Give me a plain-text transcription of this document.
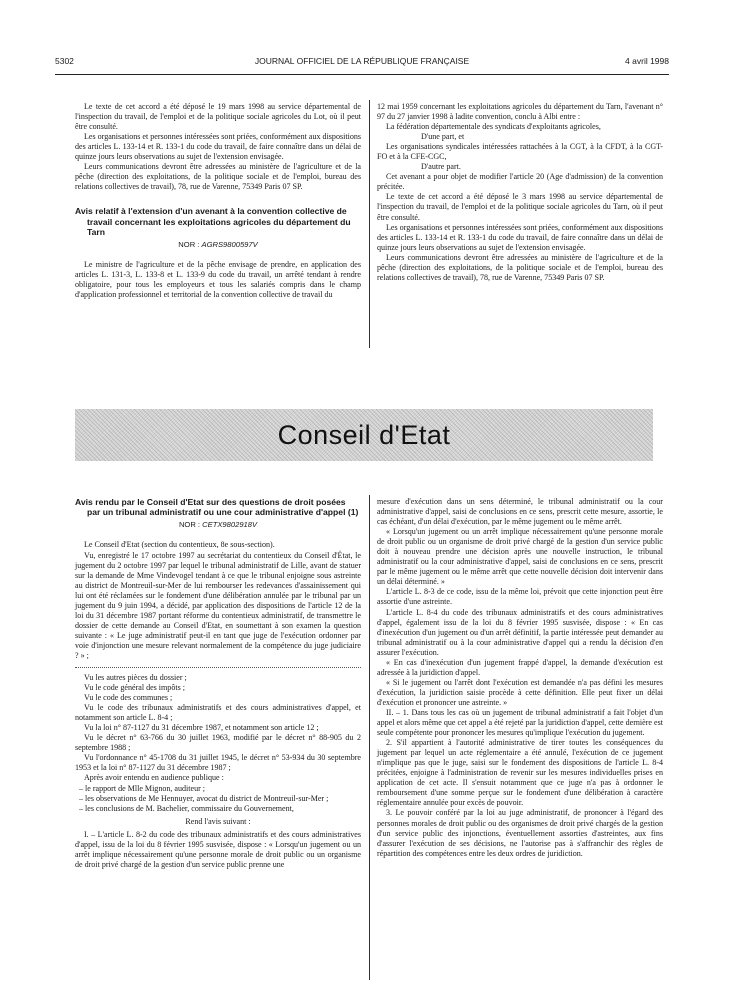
5302	JOURNAL OFFICIEL DE LA RÉPUBLIQUE FRANÇAISE	4 avril 1998

Le texte de cet accord a été déposé le 19 mars 1998 au service départemental de l'inspection du travail, de l'emploi et de la politique sociale agricoles du Lot, où il peut être consulté.

Les organisations et personnes intéressées sont priées, conformément aux dispositions des articles L. 133-14 et R. 133-1 du code du travail, de faire connaître dans un délai de quinze jours leurs observations au sujet de l'extension envisagée.

Leurs communications devront être adressées au ministère de l'agriculture et de la pêche (direction des exploitations, de la politique sociale et de l'emploi, bureau des relations collectives de travail), 78, rue de Varenne, 75349 Paris 07 SP.

Avis relatif à l'extension d'un avenant à la convention collective de travail concernant les exploitations agricoles du département du Tarn
NOR : AGRS9800597V

Le ministre de l'agriculture et de la pêche envisage de prendre, en application des articles L. 131-3, L. 133-8 et L. 133-9 du code du travail, un arrêté tendant à rendre obligatoire, pour tous les employeurs et tous les salariés compris dans le champ d'application professionnel et territorial de la convention collective de travail du

12 mai 1959 concernant les exploitations agricoles du département du Tarn, l'avenant n° 97 du 27 janvier 1998 à ladite convention, conclu à Albi entre :

La fédération départementale des syndicats d'exploitants agricoles,

D'une part, et

Les organisations syndicales intéressées rattachées à la CGT, à la CFDT, à la CGT-FO et à la CFE-CGC,

D'autre part.

Cet avenant a pour objet de modifier l'article 20 (Age d'admission) de la convention précitée.

Le texte de cet accord a été déposé le 3 mars 1998 au service départemental de l'inspection du travail, de l'emploi et de la politique sociale agricoles du Tarn, où il peut être consulté.

Les organisations et personnes intéressées sont priées, conformément aux dispositions des articles L. 133-14 et R. 133-1 du code du travail, de faire connaître dans un délai de quinze jours leurs observations au sujet de l'extension envisagée.

Leurs communications devront être adressées au ministère de l'agriculture et de la pêche (direction des exploitations, de la politique sociale et de l'emploi, bureau des relations collectives de travail), 78, rue de Varenne, 75349 Paris 07 SP.

Conseil d'Etat
Avis rendu par le Conseil d'Etat sur des questions de droit posées par un tribunal administratif ou une cour administrative d'appel (1)
NOR : CETX9802918V

Le Conseil d'Etat (section du contentieux, 8e sous-section).

Vu, enregistré le 17 octobre 1997 au secrétariat du contentieux du Conseil d'État, le jugement du 2 octobre 1997 par lequel le tribunal administratif de Lille, avant de statuer sur la demande de Mme Vindevogel tendant à ce que le tribunal enjoigne sous astreinte au district de Montreuil-sur-Mer de lui rembourser les redevances d'assainissement qui lui ont été réclamées sur le fondement d'une délibération annulée par le tribunal par un jugement du 9 juin 1994, a décidé, par application des dispositions de l'article 12 de la loi du 31 décembre 1987 portant réforme du contentieux administratif, de transmettre le dossier de cette demande au Conseil d'Etat, en soumettant à son examen la question suivante : « Le juge administratif peut-il en tant que juge de l'exécution ordonner par voie d'injonction une mesure relevant normalement de la compétence du juge judiciaire ? » ;

Vu les autres pièces du dossier ;

Vu le code général des impôts ;

Vu le code des communes ;

Vu le code des tribunaux administratifs et des cours administratives d'appel, et notamment son article L. 8-4 ;

Vu la loi n° 87-1127 du 31 décembre 1987, et notamment son article 12 ;

Vu le décret n° 63-766 du 30 juillet 1963, modifié par le décret n° 88-905 du 2 septembre 1988 ;

Vu l'ordonnance n° 45-1708 du 31 juillet 1945, le décret n° 53-934 du 30 septembre 1953 et la loi n° 87-1127 du 31 décembre 1987 ;

Après avoir entendu en audience publique :

– le rapport de Mlle Mignon, auditeur ;

– les observations de Me Hennuyer, avocat du district de Montreuil-sur-Mer ;

– les conclusions de M. Bachelier, commissaire du Gouvernement,

Rend l'avis suivant :

I. – L'article L. 8-2 du code des tribunaux administratifs et des cours administratives d'appel, issu de la loi du 8 février 1995 susvisée, dispose : « Lorsqu'un jugement ou un arrêt implique nécessairement qu'une personne morale de droit public ou un organisme de droit privé chargé de la gestion d'un service public prenne une

mesure d'exécution dans un sens déterminé, le tribunal administratif ou la cour administrative d'appel, saisi de conclusions en ce sens, prescrit cette mesure, assortie, le cas échéant, d'un délai d'exécution, par le même jugement ou le même arrêt.

« Lorsqu'un jugement ou un arrêt implique nécessairement qu'une personne morale de droit public ou un organisme de droit privé chargé de la gestion d'un service public doit à nouveau prendre une décision après une nouvelle instruction, le tribunal administratif ou la cour administrative d'appel, saisi de conclusions en ce sens, prescrit par le même jugement ou le même arrêt que cette nouvelle décision doit intervenir dans un délai déterminé. »

L'article L. 8-3 de ce code, issu de la même loi, prévoit que cette injonction peut être assortie d'une astreinte.

L'article L. 8-4 du code des tribunaux administratifs et des cours administratives d'appel, également issu de la loi du 8 février 1995 susvisée, dispose : « En cas d'inexécution d'un jugement ou d'un arrêt définitif, la partie intéressée peut demander au tribunal administratif ou à la cour administrative d'appel qui a rendu la décision d'en assurer l'exécution.

« En cas d'inexécution d'un jugement frappé d'appel, la demande d'exécution est adressée à la juridiction d'appel.

« Si le jugement ou l'arrêt dont l'exécution est demandée n'a pas défini les mesures d'exécution, la juridiction saisie procède à cette définition. Elle peut fixer un délai d'exécution et prononcer une astreinte. »

II. – 1. Dans tous les cas où un jugement de tribunal administratif a fait l'objet d'un appel et alors même que cet appel a été rejeté par la juridiction d'appel, cette dernière est seule compétente pour prononcer les mesures qu'implique l'exécution du jugement.

2. S'il appartient à l'autorité administrative de tirer toutes les conséquences du jugement par lequel un acte réglementaire a été annulé, l'exécution de ce jugement n'implique pas que le juge, saisi sur le fondement des dispositions de l'article L. 8-4 précitées, enjoigne à l'administration de revenir sur les mesures individuelles prises en application de cet acte. Il s'ensuit notamment que ce juge n'a pas à ordonner le remboursement d'une somme perçue sur le fondement d'une délibération à caractère réglementaire annulée pour excès de pouvoir.

3. Le pouvoir conféré par la loi au juge administratif, de prononcer à l'égard des personnes morales de droit public ou des organismes de droit privé chargés de la gestion d'un service public des injonctions, éventuellement assorties d'astreintes, aux fins d'assurer l'exécution de ses décisions, ne l'autorise pas à s'affranchir des règles de répartition des compétences entre les deux ordres de juridiction.
